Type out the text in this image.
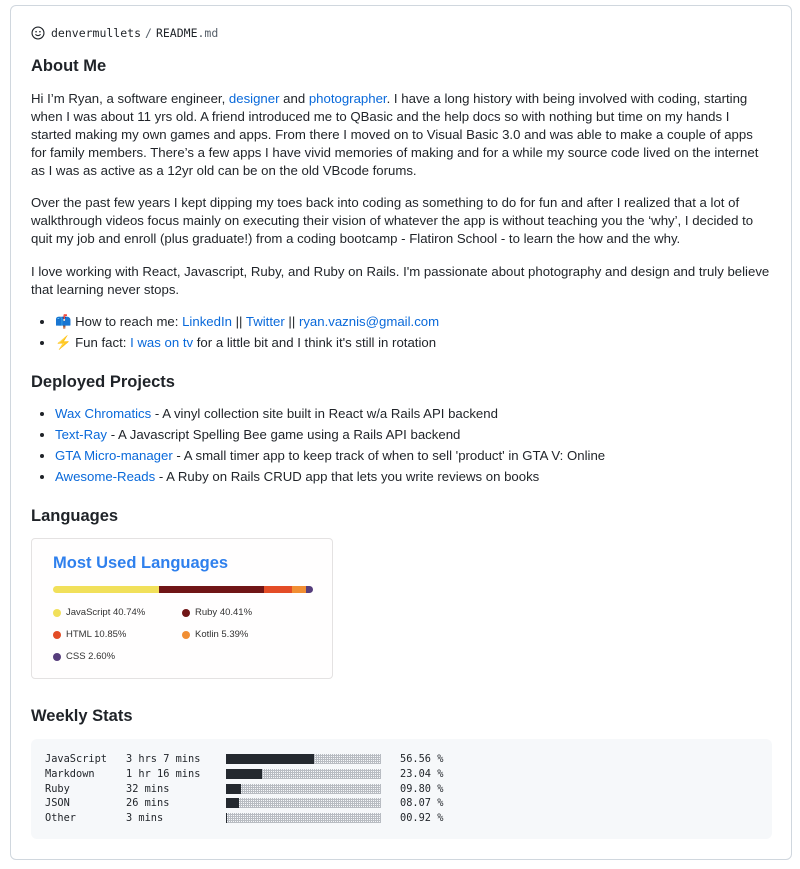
denvermullets / README .md
About Me

Hi I’m Ryan, a software engineer, designer and photographer. I have a long history with being involved with coding, starting when I was about 11 yrs old. A friend introduced me to QBasic and the help docs so with nothing but time on my hands I started making my own games and apps. From there I moved on to Visual Basic 3.0 and was able to make a couple of apps for family members. There’s a few apps I have vivid memories of making and for a while my source code lived on the internet as I was as active as a 12yr old can be on the old VBcode forums.

Over the past few years I kept dipping my toes back into coding as something to do for fun and after I realized that a lot of walkthrough videos focus mainly on executing their vision of whatever the app is without teaching you the ‘why’, I decided to quit my job and enroll (plus graduate!) from a coding bootcamp - Flatiron School - to learn the how and the why.

I love working with React, Javascript, Ruby, and Ruby on Rails. I'm passionate about photography and design and truly believe that learning never stops.

• 📫 How to reach me: LinkedIn || Twitter || ryan.vaznis@gmail.com
• ⚡ Fun fact: I was on tv for a little bit and I think it's still in rotation
Deployed Projects
• Wax Chromatics - A vinyl collection site built in React w/a Rails API backend
• Text-Ray - A Javascript Spelling Bee game using a Rails API backend
• GTA Micro-manager - A small timer app to keep track of when to sell 'product' in GTA V: Online
• Awesome-Reads - A Ruby on Rails CRUD app that lets you write reviews on books
Languages
Most Used Languages
JavaScript 40.74%	Ruby 40.41%
HTML 10.85%	Kotlin 5.39%
CSS 2.60%
Weekly Stats
JavaScript	3 hrs 7 mins	56.56 %
Markdown	1 hr 16 mins	23.04 %
Ruby	32 mins	09.80 %
JSON	26 mins	08.07 %
Other	3 mins	00.92 %
